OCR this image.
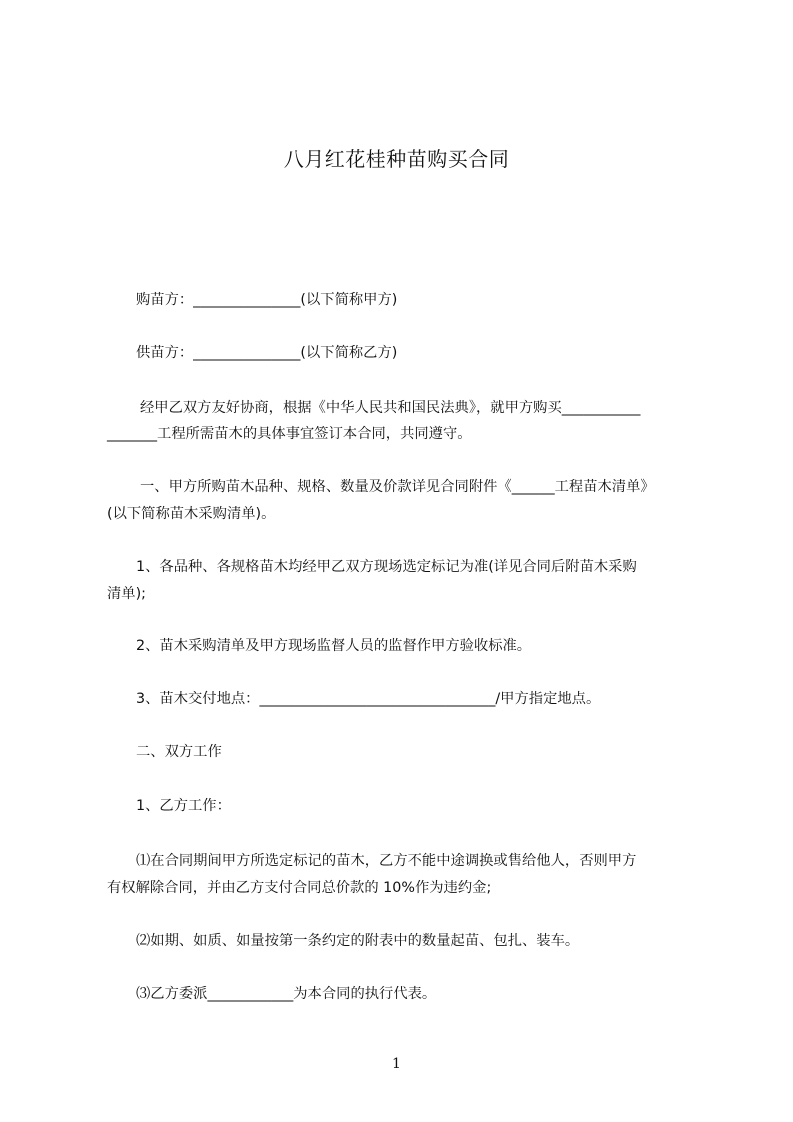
八月红花桂种苗购买合同

购苗方：_______________(以下简称甲方)

供苗方：_______________(以下简称乙方)

经甲乙双方友好协商，根据《中华人民共和国民法典》，就甲方购买___________

_______工程所需苗木的具体事宜签订本合同，共同遵守。

一、甲方所购苗木品种、规格、数量及价款详见合同附件《______工程苗木清单》

(以下简称苗木采购清单)。

1、各品种、各规格苗木均经甲乙双方现场选定标记为准(详见合同后附苗木采购

清单);

2、苗木采购清单及甲方现场监督人员的监督作甲方验收标准。

3、苗木交付地点：_________________________________/甲方指定地点。

二、双方工作

1、乙方工作：

⑴在合同期间甲方所选定标记的苗木，乙方不能中途调换或售给他人，否则甲方

有权解除合同，并由乙方支付合同总价款的 10%作为违约金;

⑵如期、如质、如量按第一条约定的附表中的数量起苗、包扎、装车。

⑶乙方委派____________为本合同的执行代表。

1
